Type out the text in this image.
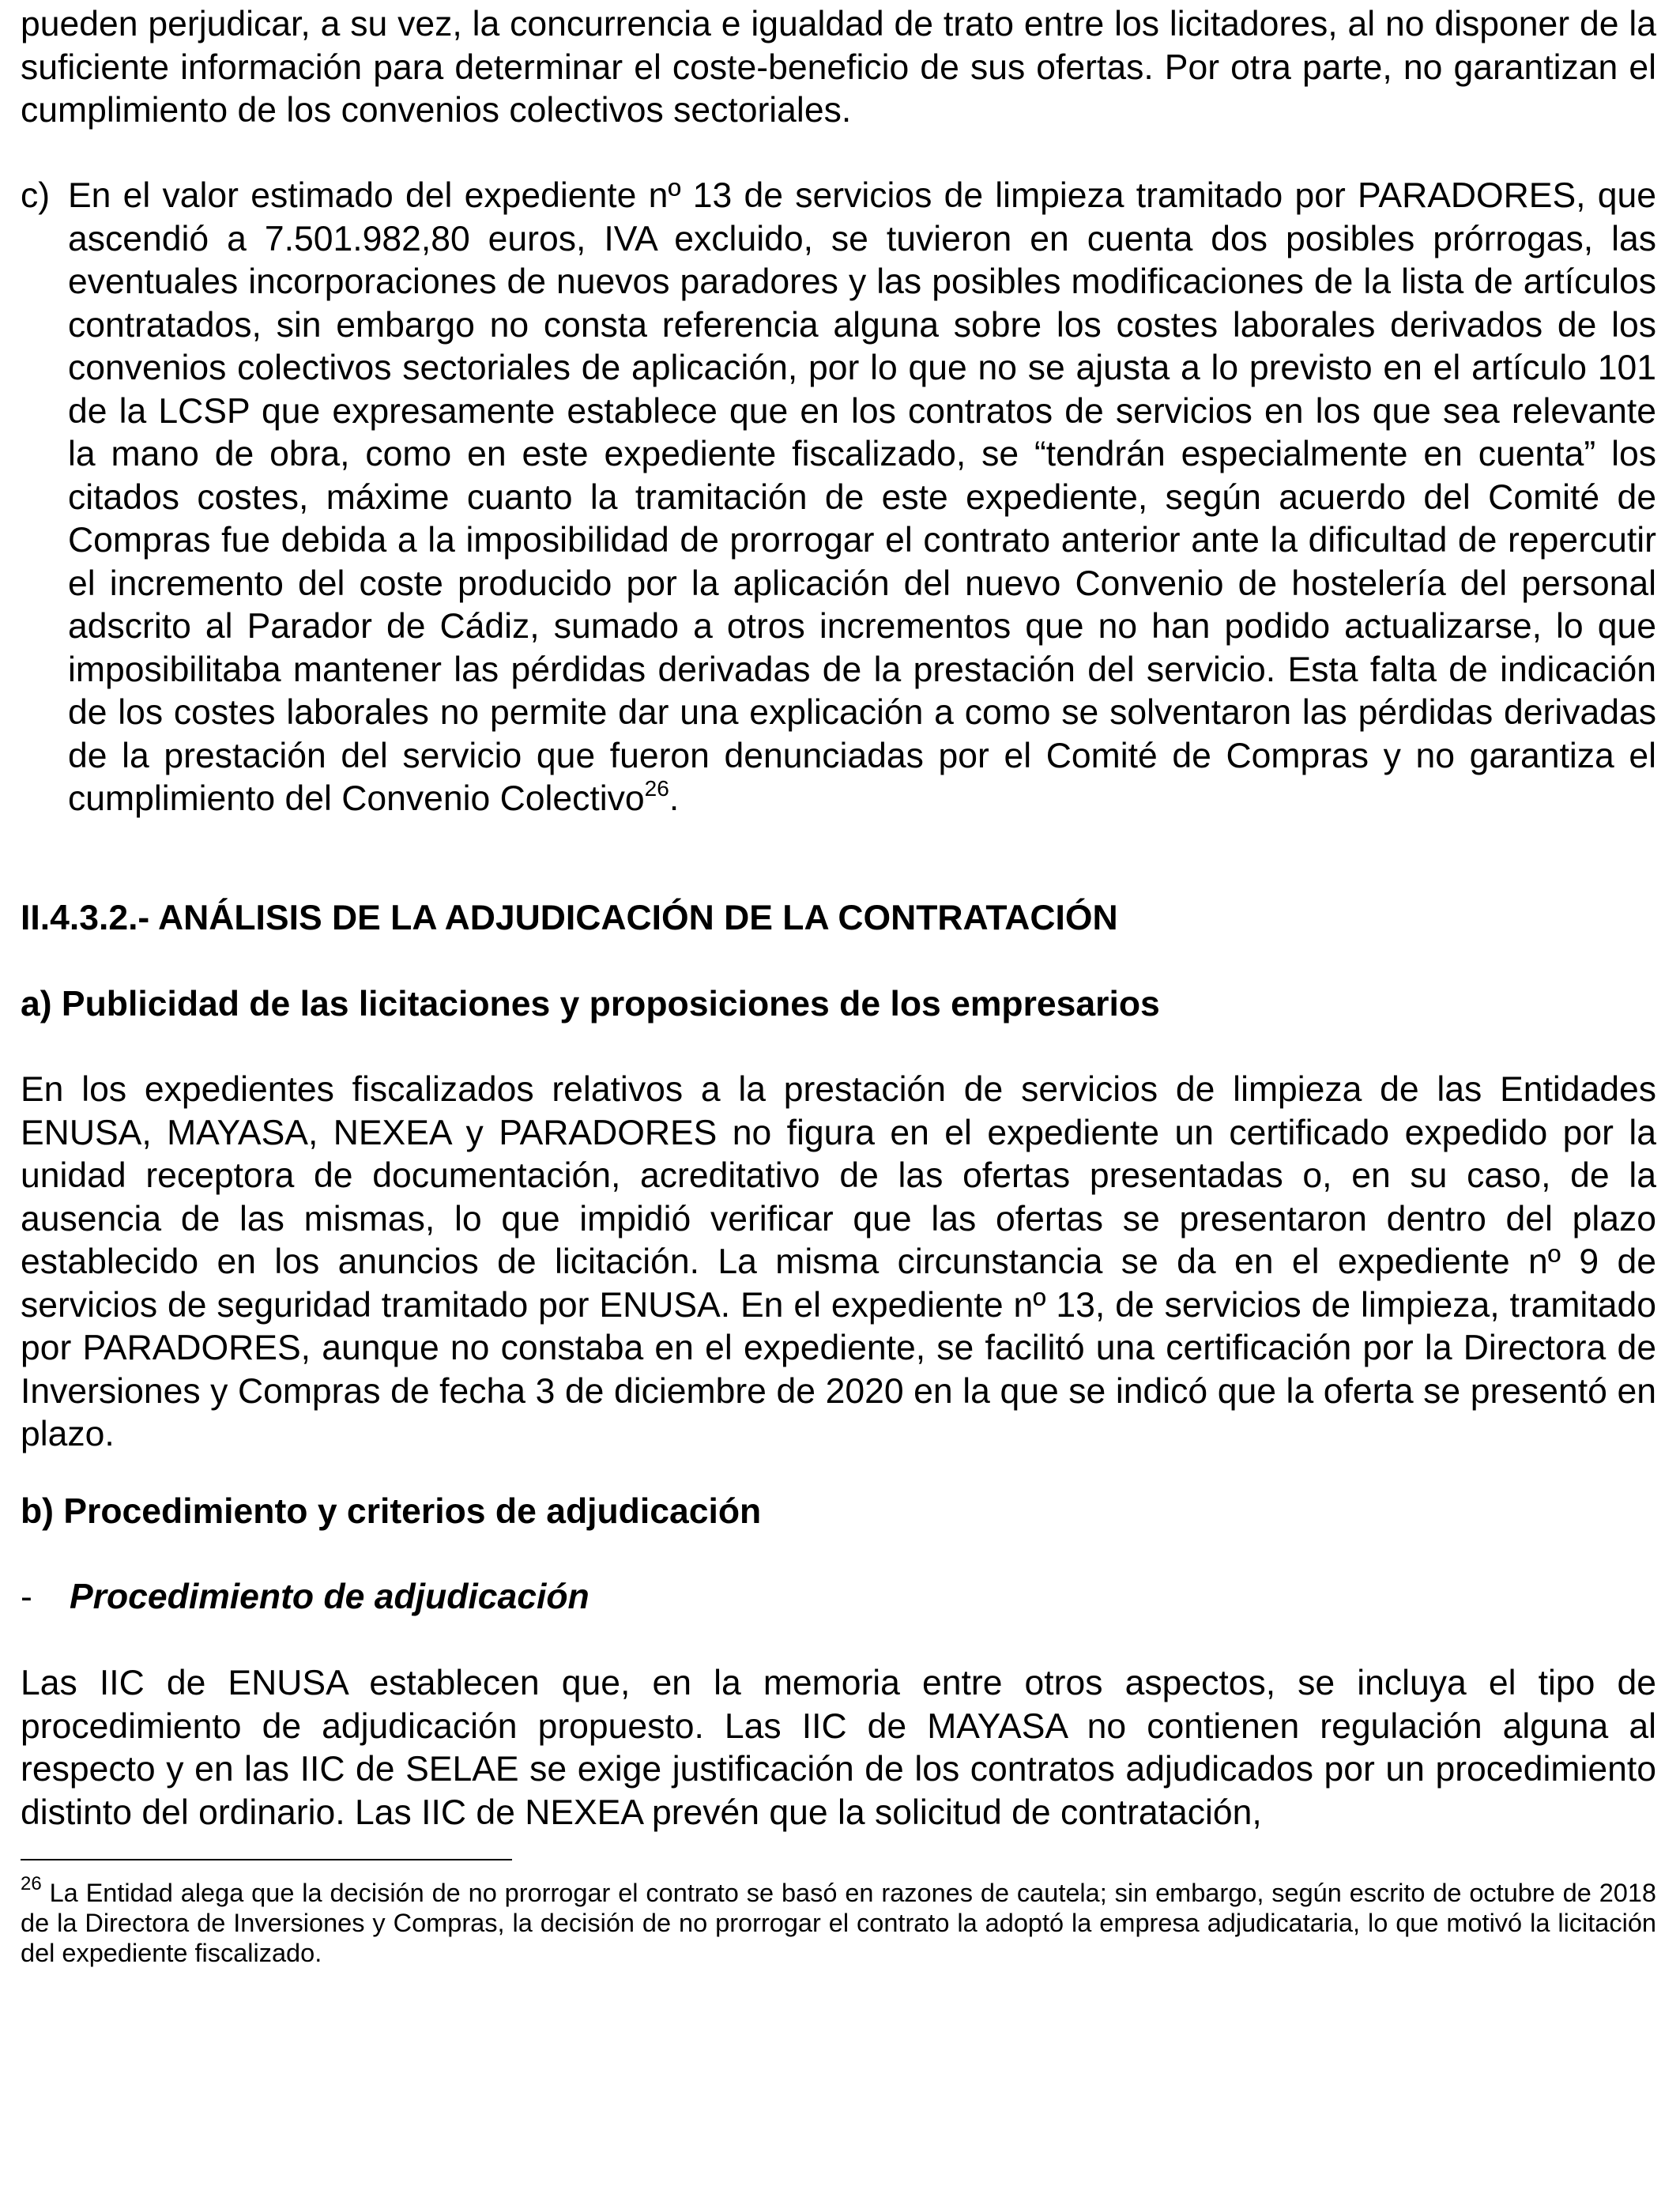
pueden perjudicar, a su vez, la concurrencia e igualdad de trato entre los licitadores, al no disponer de la suficiente información para determinar el coste-beneficio de sus ofertas. Por otra parte, no garantizan el cumplimiento de los convenios colectivos sectoriales.

c) En el valor estimado del expediente nº 13 de servicios de limpieza tramitado por PARADORES, que ascendió a 7.501.982,80 euros, IVA excluido, se tuvieron en cuenta dos posibles prórrogas, las eventuales incorporaciones de nuevos paradores y las posibles modificaciones de la lista de artículos contratados, sin embargo no consta referencia alguna sobre los costes laborales derivados de los convenios colectivos sectoriales de aplicación, por lo que no se ajusta a lo previsto en el artículo 101 de la LCSP que expresamente establece que en los contratos de servicios en los que sea relevante la mano de obra, como en este expediente fiscalizado, se “tendrán especialmente en cuenta” los citados costes, máxime cuanto la tramitación de este expediente, según acuerdo del Comité de Compras fue debida a la imposibilidad de prorrogar el contrato anterior ante la dificultad de repercutir el incremento del coste producido por la aplicación del nuevo Convenio de hostelería del personal adscrito al Parador de Cádiz, sumado a otros incrementos que no han podido actualizarse, lo que imposibilitaba mantener las pérdidas derivadas de la prestación del servicio. Esta falta de indicación de los costes laborales no permite dar una explicación a como se solventaron las pérdidas derivadas de la prestación del servicio que fueron denunciadas por el Comité de Compras y no garantiza el cumplimiento del Convenio Colectivo$^{26}$.

II.4.3.2.- ANÁLISIS DE LA ADJUDICACIÓN DE LA CONTRATACIÓN

a) Publicidad de las licitaciones y proposiciones de los empresarios

En los expedientes fiscalizados relativos a la prestación de servicios de limpieza de las Entidades ENUSA, MAYASA, NEXEA y PARADORES no figura en el expediente un certificado expedido por la unidad receptora de documentación, acreditativo de las ofertas presentadas o, en su caso, de la ausencia de las mismas, lo que impidió verificar que las ofertas se presentaron dentro del plazo establecido en los anuncios de licitación. La misma circunstancia se da en el expediente nº 9 de servicios de seguridad tramitado por ENUSA. En el expediente nº 13, de servicios de limpieza, tramitado por PARADORES, aunque no constaba en el expediente, se facilitó una certificación por la Directora de Inversiones y Compras de fecha 3 de diciembre de 2020 en la que se indicó que la oferta se presentó en plazo.

b) Procedimiento y criterios de adjudicación

- Procedimiento de adjudicación

Las IIC de ENUSA establecen que, en la memoria entre otros aspectos, se incluya el tipo de procedimiento de adjudicación propuesto. Las IIC de MAYASA no contienen regulación alguna al respecto y en las IIC de SELAE se exige justificación de los contratos adjudicados por un procedimiento distinto del ordinario. Las IIC de NEXEA prevén que la solicitud de contratación,

$^{26}$ La Entidad alega que la decisión de no prorrogar el contrato se basó en razones de cautela; sin embargo, según escrito de octubre de 2018 de la Directora de Inversiones y Compras, la decisión de no prorrogar el contrato la adoptó la empresa adjudicataria, lo que motivó la licitación del expediente fiscalizado.
